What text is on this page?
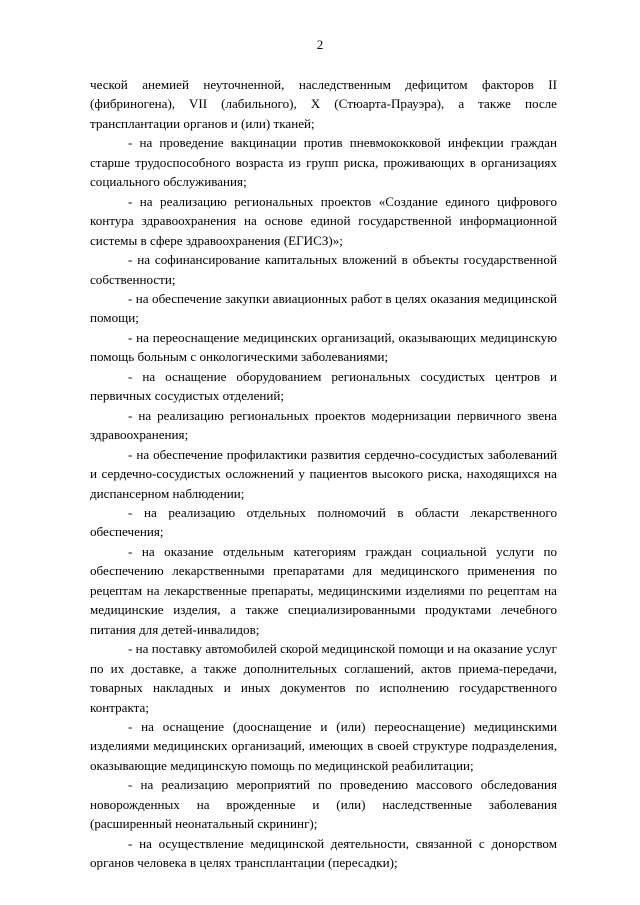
2

ческой анемией неуточненной, наследственным дефицитом факторов II (фибриногена), VII (лабильного), X (Стюарта-Прауэра), а также после трансплантации органов и (или) тканей;

- на проведение вакцинации против пневмококковой инфекции граждан старше трудоспособного возраста из групп риска, проживающих в организациях социального обслуживания;

- на реализацию региональных проектов «Создание единого цифрового контура здравоохранения на основе единой государственной информационной системы в сфере здравоохранения (ЕГИСЗ)»;

- на софинансирование капитальных вложений в объекты государственной собственности;

- на обеспечение закупки авиационных работ в целях оказания медицинской помощи;

- на переоснащение медицинских организаций, оказывающих медицинскую помощь больным с онкологическими заболеваниями;

- на оснащение оборудованием региональных сосудистых центров и первичных сосудистых отделений;

- на реализацию региональных проектов модернизации первичного звена здравоохранения;

- на обеспечение профилактики развития сердечно-сосудистых заболеваний и сердечно-сосудистых осложнений у пациентов высокого риска, находящихся на диспансерном наблюдении;

- на реализацию отдельных полномочий в области лекарственного обеспечения;

- на оказание отдельным категориям граждан социальной услуги по обеспечению лекарственными препаратами для медицинского применения по рецептам на лекарственные препараты, медицинскими изделиями по рецептам на медицинские изделия, а также специализированными продуктами лечебного питания для детей-инвалидов;

- на поставку автомобилей скорой медицинской помощи и на оказание услуг по их доставке, а также дополнительных соглашений, актов приема-передачи, товарных накладных и иных документов по исполнению государственного контракта;

- на оснащение (дооснащение и (или) переоснащение) медицинскими изделиями медицинских организаций, имеющих в своей структуре подразделения, оказывающие медицинскую помощь по медицинской реабилитации;

- на реализацию мероприятий по проведению массового обследования новорожденных на врожденные и (или) наследственные заболевания (расширенный неонатальный скрининг);

- на осуществление медицинской деятельности, связанной с донорством органов человека в целях трансплантации (пересадки);
